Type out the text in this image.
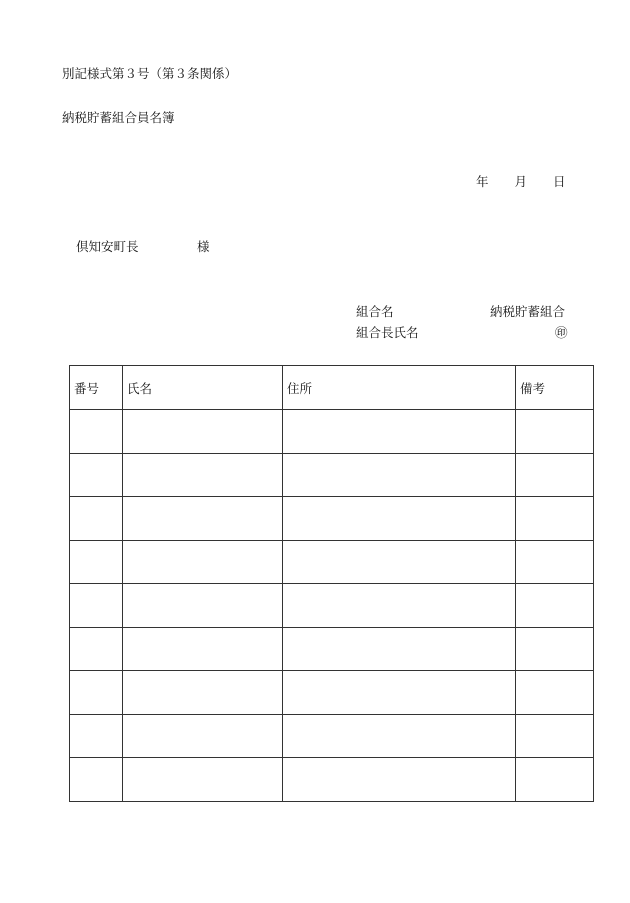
別記様式第３号（第３条関係）
納税貯蓄組合員名簿
年 月 日
倶知安町長	様
組合名	納税貯蓄組合
組合長氏名	㊞
番号	氏名	住所	備考
